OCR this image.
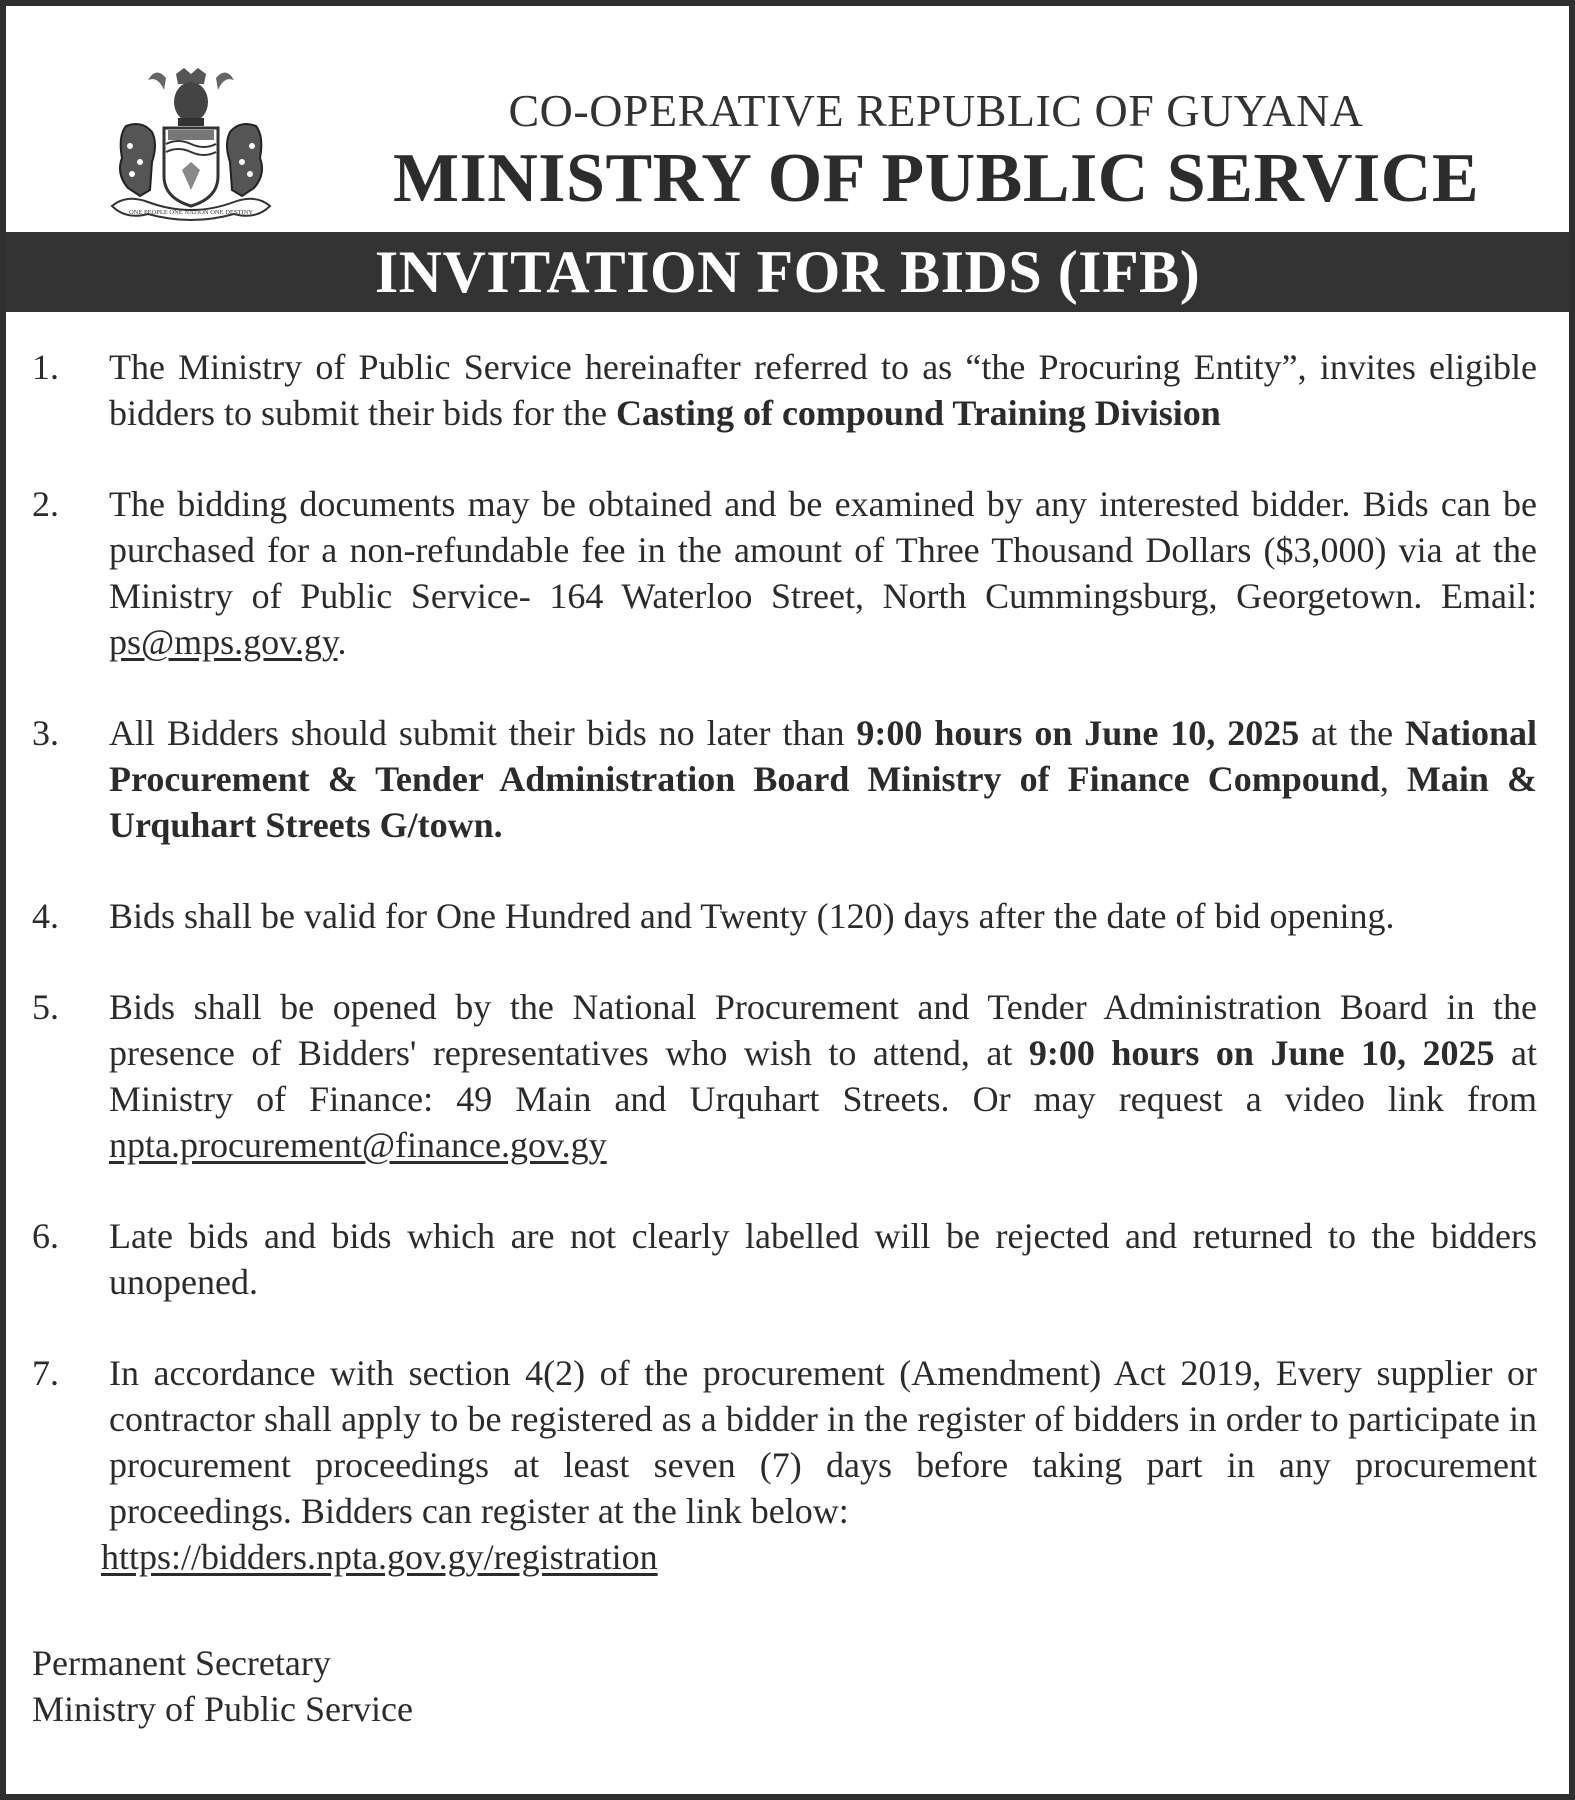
ONE PEOPLE ONE NATION ONE DESTINY
CO-OPERATIVE REPUBLIC OF GUYANA
MINISTRY OF PUBLIC SERVICE
INVITATION FOR BIDS (IFB)
1. The Ministry of Public Service hereinafter referred to as “the Procuring Entity”, invites eligible bidders to submit their bids for the Casting of compound Training Division
2. The bidding documents may be obtained and be examined by any interested bidder. Bids can be purchased for a non-refundable fee in the amount of Three Thousand Dollars ($3,000) via at the Ministry of Public Service- 164 Waterloo Street, North Cummingsburg, Georgetown. Email: ps@mps.gov.gy.
3. All Bidders should submit their bids no later than 9:00 hours on June 10, 2025 at the National Procurement & Tender Administration Board Ministry of Finance Compound, Main & Urquhart Streets G/town.
4. Bids shall be valid for One Hundred and Twenty (120) days after the date of bid opening.
5. Bids shall be opened by the National Procurement and Tender Administration Board in the presence of Bidders' representatives who wish to attend, at 9:00 hours on June 10, 2025 at Ministry of Finance: 49 Main and Urquhart Streets. Or may request a video link from npta.procurement@finance.gov.gy
6. Late bids and bids which are not clearly labelled will be rejected and returned to the bidders unopened.
7. In accordance with section 4(2) of the procurement (Amendment) Act 2019, Every supplier or contractor shall apply to be registered as a bidder in the register of bidders in order to participate in procurement proceedings at least seven (7) days before taking part in any procurement proceedings. Bidders can register at the link below:
https://bidders.npta.gov.gy/registration
Permanent Secretary
Ministry of Public Service
